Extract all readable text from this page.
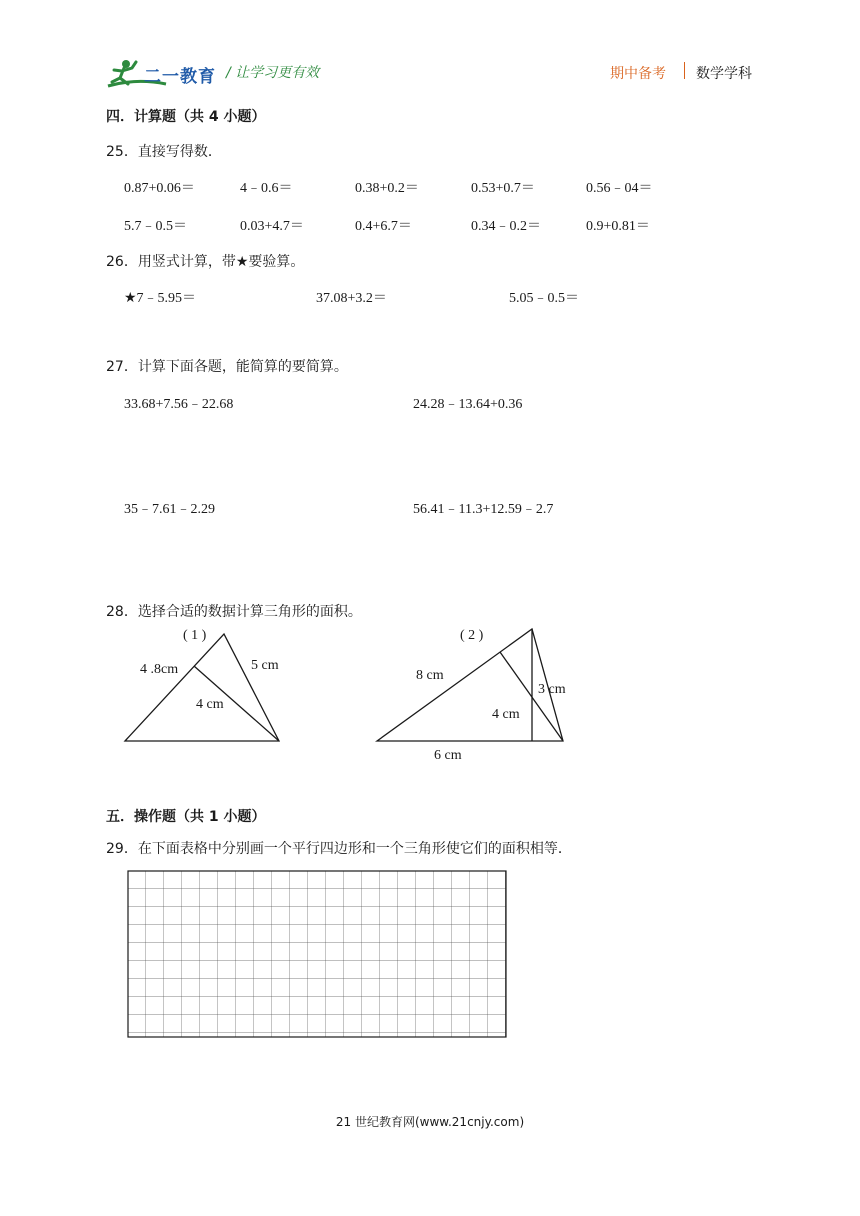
二一教育 / 让学习更有效	期中备考 数学学科
四．计算题（共 4 小题）
25．直接写得数．
0.87+0.06＝	4﹣0.6＝	0.38+0.2＝	0.53+0.7＝	0.56﹣04＝
5.7﹣0.5＝	0.03+4.7＝	0.4+6.7＝	0.34﹣0.2＝	0.9+0.81＝
26．用竖式计算，带★要验算。
★7﹣5.95＝	37.08+3.2＝	5.05﹣0.5＝
27．计算下面各题，能简算的要简算。
33.68+7.56﹣22.68	24.28﹣13.64+0.36
35﹣7.61﹣2.29	56.41﹣11.3+12.59﹣2.7
28．选择合适的数据计算三角形的面积。
( 1 )
4 .8cm	5 cm
4 cm
( 2 )
8 cm
3 cm
4 cm
6 cm
五．操作题（共 1 小题）
29．在下面表格中分别画一个平行四边形和一个三角形使它们的面积相等．
21 世纪教育网(www.21cnjy.com)
